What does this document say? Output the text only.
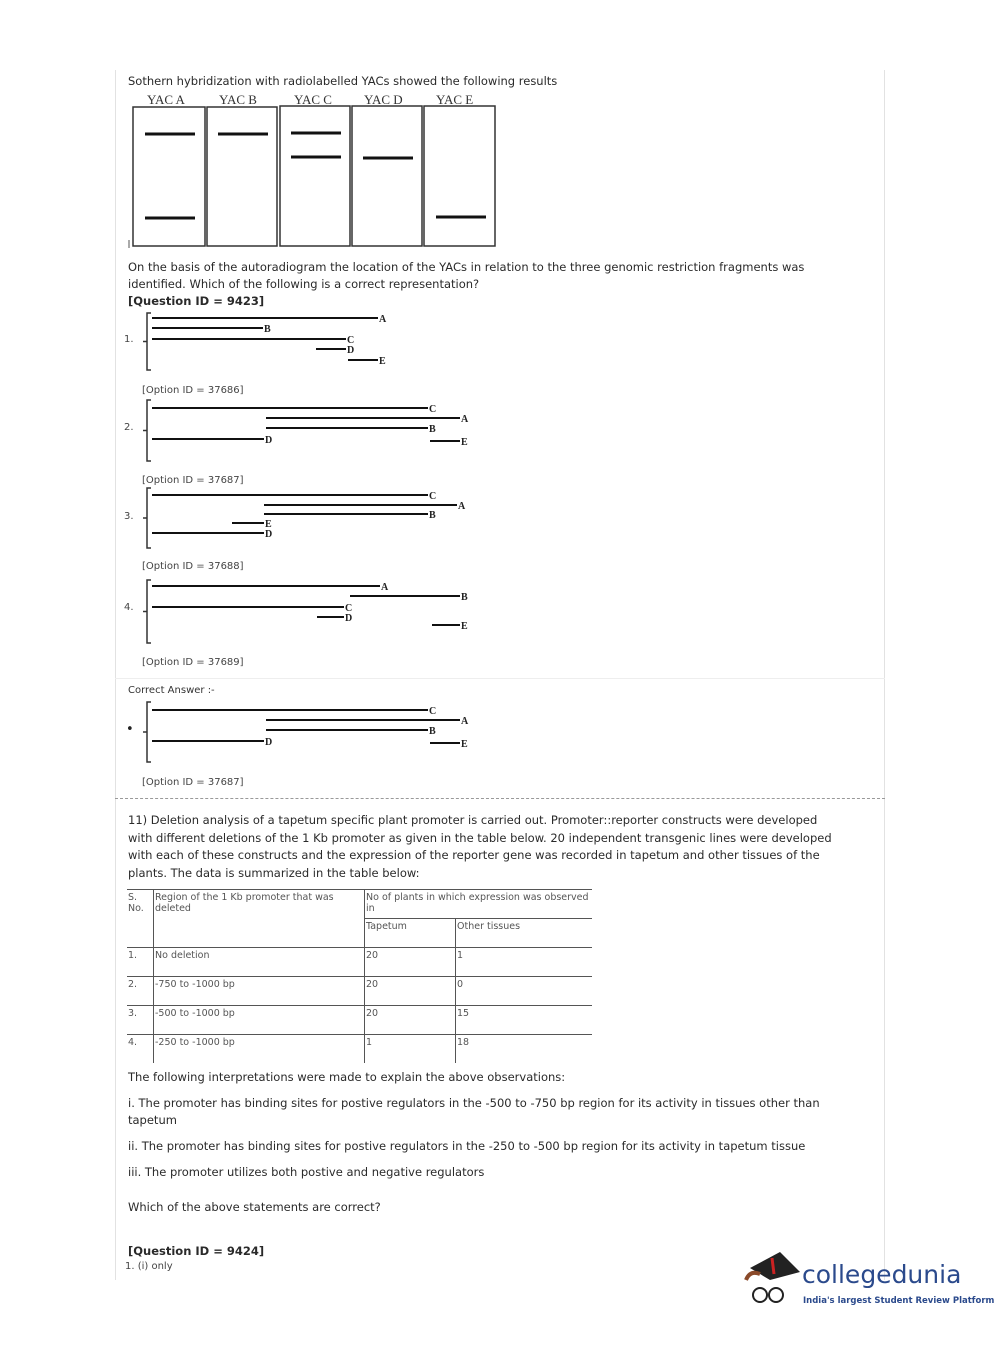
Sothern hybridization with radiolabelled YACs showed the following results
YAC A	YAC B	YAC C YAC D	YAC E
On the basis of the autoradiogram the location of the YACs in relation to the three genomic restriction fragments was
identified. Which of the following is a correct representation?
[Question ID = 9423]
1.
A
B
C
D
E
C
A
B
D	E
C
A
B
E
D
A
B
C
D
E
C
A
B
D	E
[Option ID = 37686]
2.
[Option ID = 37687]
3.
[Option ID = 37688]
4.
[Option ID = 37689]
Correct Answer :-
•
[Option ID = 37687]
11) Deletion analysis of a tapetum specific plant promoter is carried out. Promoter::reporter constructs were developed
with different deletions of the 1 Kb promoter as given in the table below. 20 independent transgenic lines were developed
with each of these constructs and the expression of the reporter gene was recorded in tapetum and other tissues of the
plants. The data is summarized in the table below:
S. No.	Region of the 1 Kb promoter that was deleted	No of plants in which expression was observed in	
		Tapetum	Other tissues
1.	No deletion	20	1
2.	-750 to -1000 bp	20	0
3.	-500 to -1000 bp	20	15
4.	-250 to -1000 bp	1	18
The following interpretations were made to explain the above observations:
i. The promoter has binding sites for postive regulators in the -500 to -750 bp region for its activity in tissues other than
tapetum
ii. The promoter has binding sites for postive regulators in the -250 to -500 bp region for its activity in tapetum tissue
iii. The promoter utilizes both postive and negative regulators
Which of the above statements are correct?
[Question ID = 9424]
1. (i) only	collegedunia
India's largest Student Review Platform
